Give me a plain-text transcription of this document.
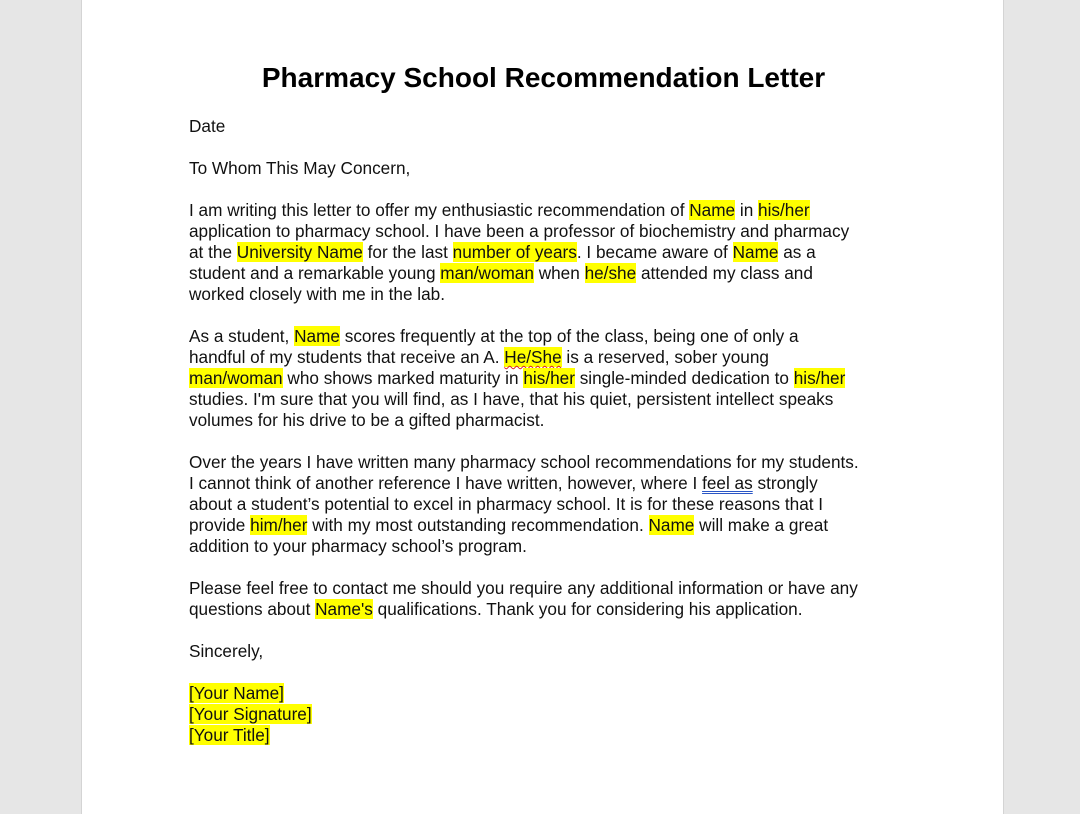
Pharmacy School Recommendation Letter

Date

To Whom This May Concern,

I am writing this letter to offer my enthusiastic recommendation of Name in his/her
application to pharmacy school. I have been a professor of biochemistry and pharmacy
at the University Name for the last number of years. I became aware of Name as a
student and a remarkable young man/woman when he/she attended my class and
worked closely with me in the lab.

As a student, Name scores frequently at the top of the class, being one of only a
handful of my students that receive an A. He/She is a reserved, sober young
man/woman who shows marked maturity in his/her single-minded dedication to his/her
studies. I'm sure that you will find, as I have, that his quiet, persistent intellect speaks
volumes for his drive to be a gifted pharmacist.

Over the years I have written many pharmacy school recommendations for my students.
I cannot think of another reference I have written, however, where I feel as strongly
about a student’s potential to excel in pharmacy school. It is for these reasons that I
provide him/her with my most outstanding recommendation. Name will make a great
addition to your pharmacy school’s program.

Please feel free to contact me should you require any additional information or have any
questions about Name's qualifications. Thank you for considering his application.

Sincerely,

[Your Name]
[Your Signature]
[Your Title]
